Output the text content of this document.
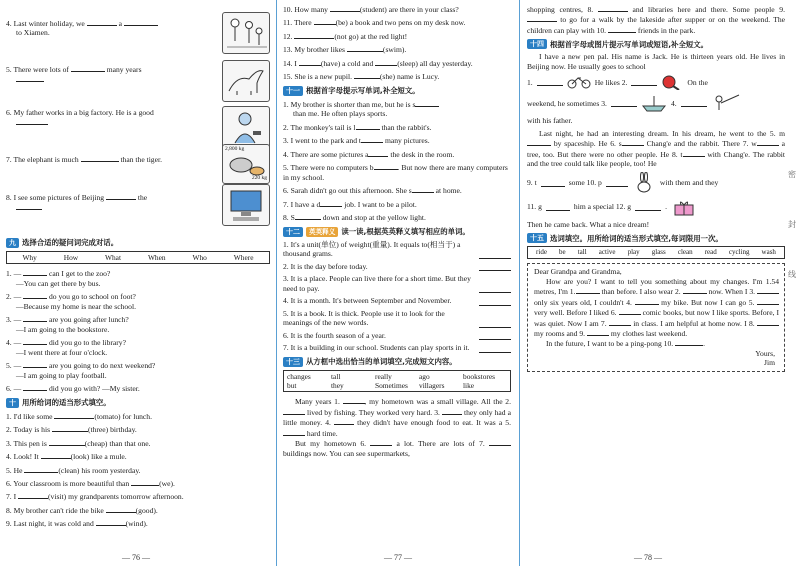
4. Last winter holiday, we	a
to Xiamen.
5. There were lots of	many years

6. My father works in a big factory. He is a good

7. The elephant is much	than the tiger.
2,800 kg
220 kg
8. I see some pictures of Beijing	the

九 选择合适的疑问词完成对话。
Why	How	What	When	Who	Where
1. —	can I get to the zoo?
—You can get there by bus.
2. —	do you go to school on foot?
—Because my home is near the school.
3. —	are you going after lunch?
—I am going to the bookstore.
4. —	did you go to the library?
—I went there at four o'clock.
5. —	are you going to do next weekend?
—I am going to play football.
6. —	did you go with? —My sister.
十 用所给词的适当形式填空。
1. I'd like some	(tomato) for lunch.
2. Today is his	(three) birthday.
3. This pen is	(cheap) than that one.
4. Look! It	(look) like a mule.
5. He	(clean) his room yesterday.
6. Your classroom is more beautiful than	(we).
7. I	(visit) my grandparents tomorrow afternoon.
8. My brother can't ride the bike	(good).
9. Last night, it was cold and	(wind).
— 76 —
10. How many	(student) are there in your class?
11. There	(be) a book and two pens on my desk now.
12.	(not go) at the red light!
13. My brother likes	(swim).
14. I	(have) a cold and	(sleep) all day yesterday.
15. She is a new pupil.	(she) name is Lucy.
十一 根据首字母提示写单词,补全短文。
1. My brother is shorter than me, but he is s
than me. He often plays sports.
2. The monkey's tail is l	than the rabbit's.
3. I went to the park and t	many pictures.
4. There are some pictures a	the desk in the room.
5. There were no computers b	. But now there are many computers in my school.
6. Sarah didn't go out this afternoon. She s	at home.
7. I have a d	job. I want to be a pilot.
8. S	down and stop at the yellow light.
十二	英英释义 读一读,根据英英释义填写相应的单词。
1. It's a unit(单位) of weight(重量). It equals to(相当于) a thousand grams.
2. It is the day before today.
3. It is a place. People can live there for a short time. But they need to pay.
4. It is a month. It's between September and November.
5. It is a book. It is thick. People use it to look for the meanings of the new words.
6. It is the fourth season of a year.
7. It is a building in our school. Students can play sports in it.
十三 从方框中选出恰当的单词填空,完成短文内容。
changes	tall	really	ago	bookstores
but	they	Sometimes	villagers	like
Many years 1.	, my hometown was a small village. All the 2.  lived by fishing. They worked very hard. 3.	they only had a little money. 4.	they didn't have enough food to eat. It was a 5.  hard time.
But my hometown 6.	a lot. There are lots of 7.  buildings now. You can see supermarkets,
— 77 —
shopping centres, 8.	and libraries here and there. Some people 9.  to go for a walk by the lakeside after supper or on the weekend. The children can play with 10.	friends in the park.
十四 根据首字母或图片提示写单词或短语,补全短文。
I have a new pen pal. His name is Jack. He is thirteen years old. He lives in Beijing now. He usually goes to school
1.	He likes 2.	On the
weekend, he sometimes 3.	4.
with his father.
Last night, he had an interesting dream. In his dream, he went to the 5. m by spaceship. He 6. s	Chang'e and the rabbit. There 7. w	a tree, too. But there were no other people. He 8. t	with Chang'e. The rabbit and the tree could talk like people, too! He
9. t	some 10. p	with them and they
11. g	him a special 12. g	.
Then he came back. What a nice dream!
十五 选词填空。用所给词的适当形式填空,每词限用一次。
ride be tall active play glass clean read cycling wash
Dear Grandpa and Grandma,
How are you? I want to tell you something about my changes. I'm 1.54 metres, I'm 1.	than before. I also wear 2.	now. When I 3.  only six years old, I couldn't 4.	my bike. But now I can go 5.  very well. Before I liked 6.	comic books, but now I like sports. Before, I was quiet. Now I am 7.	in class. I am helpful at home now. I 8.  my rooms and 9.	my clothes last weekend.
In the future, I want to be a ping-pong 10.	.
Yours,
Jim
— 78 —
密
封
线
